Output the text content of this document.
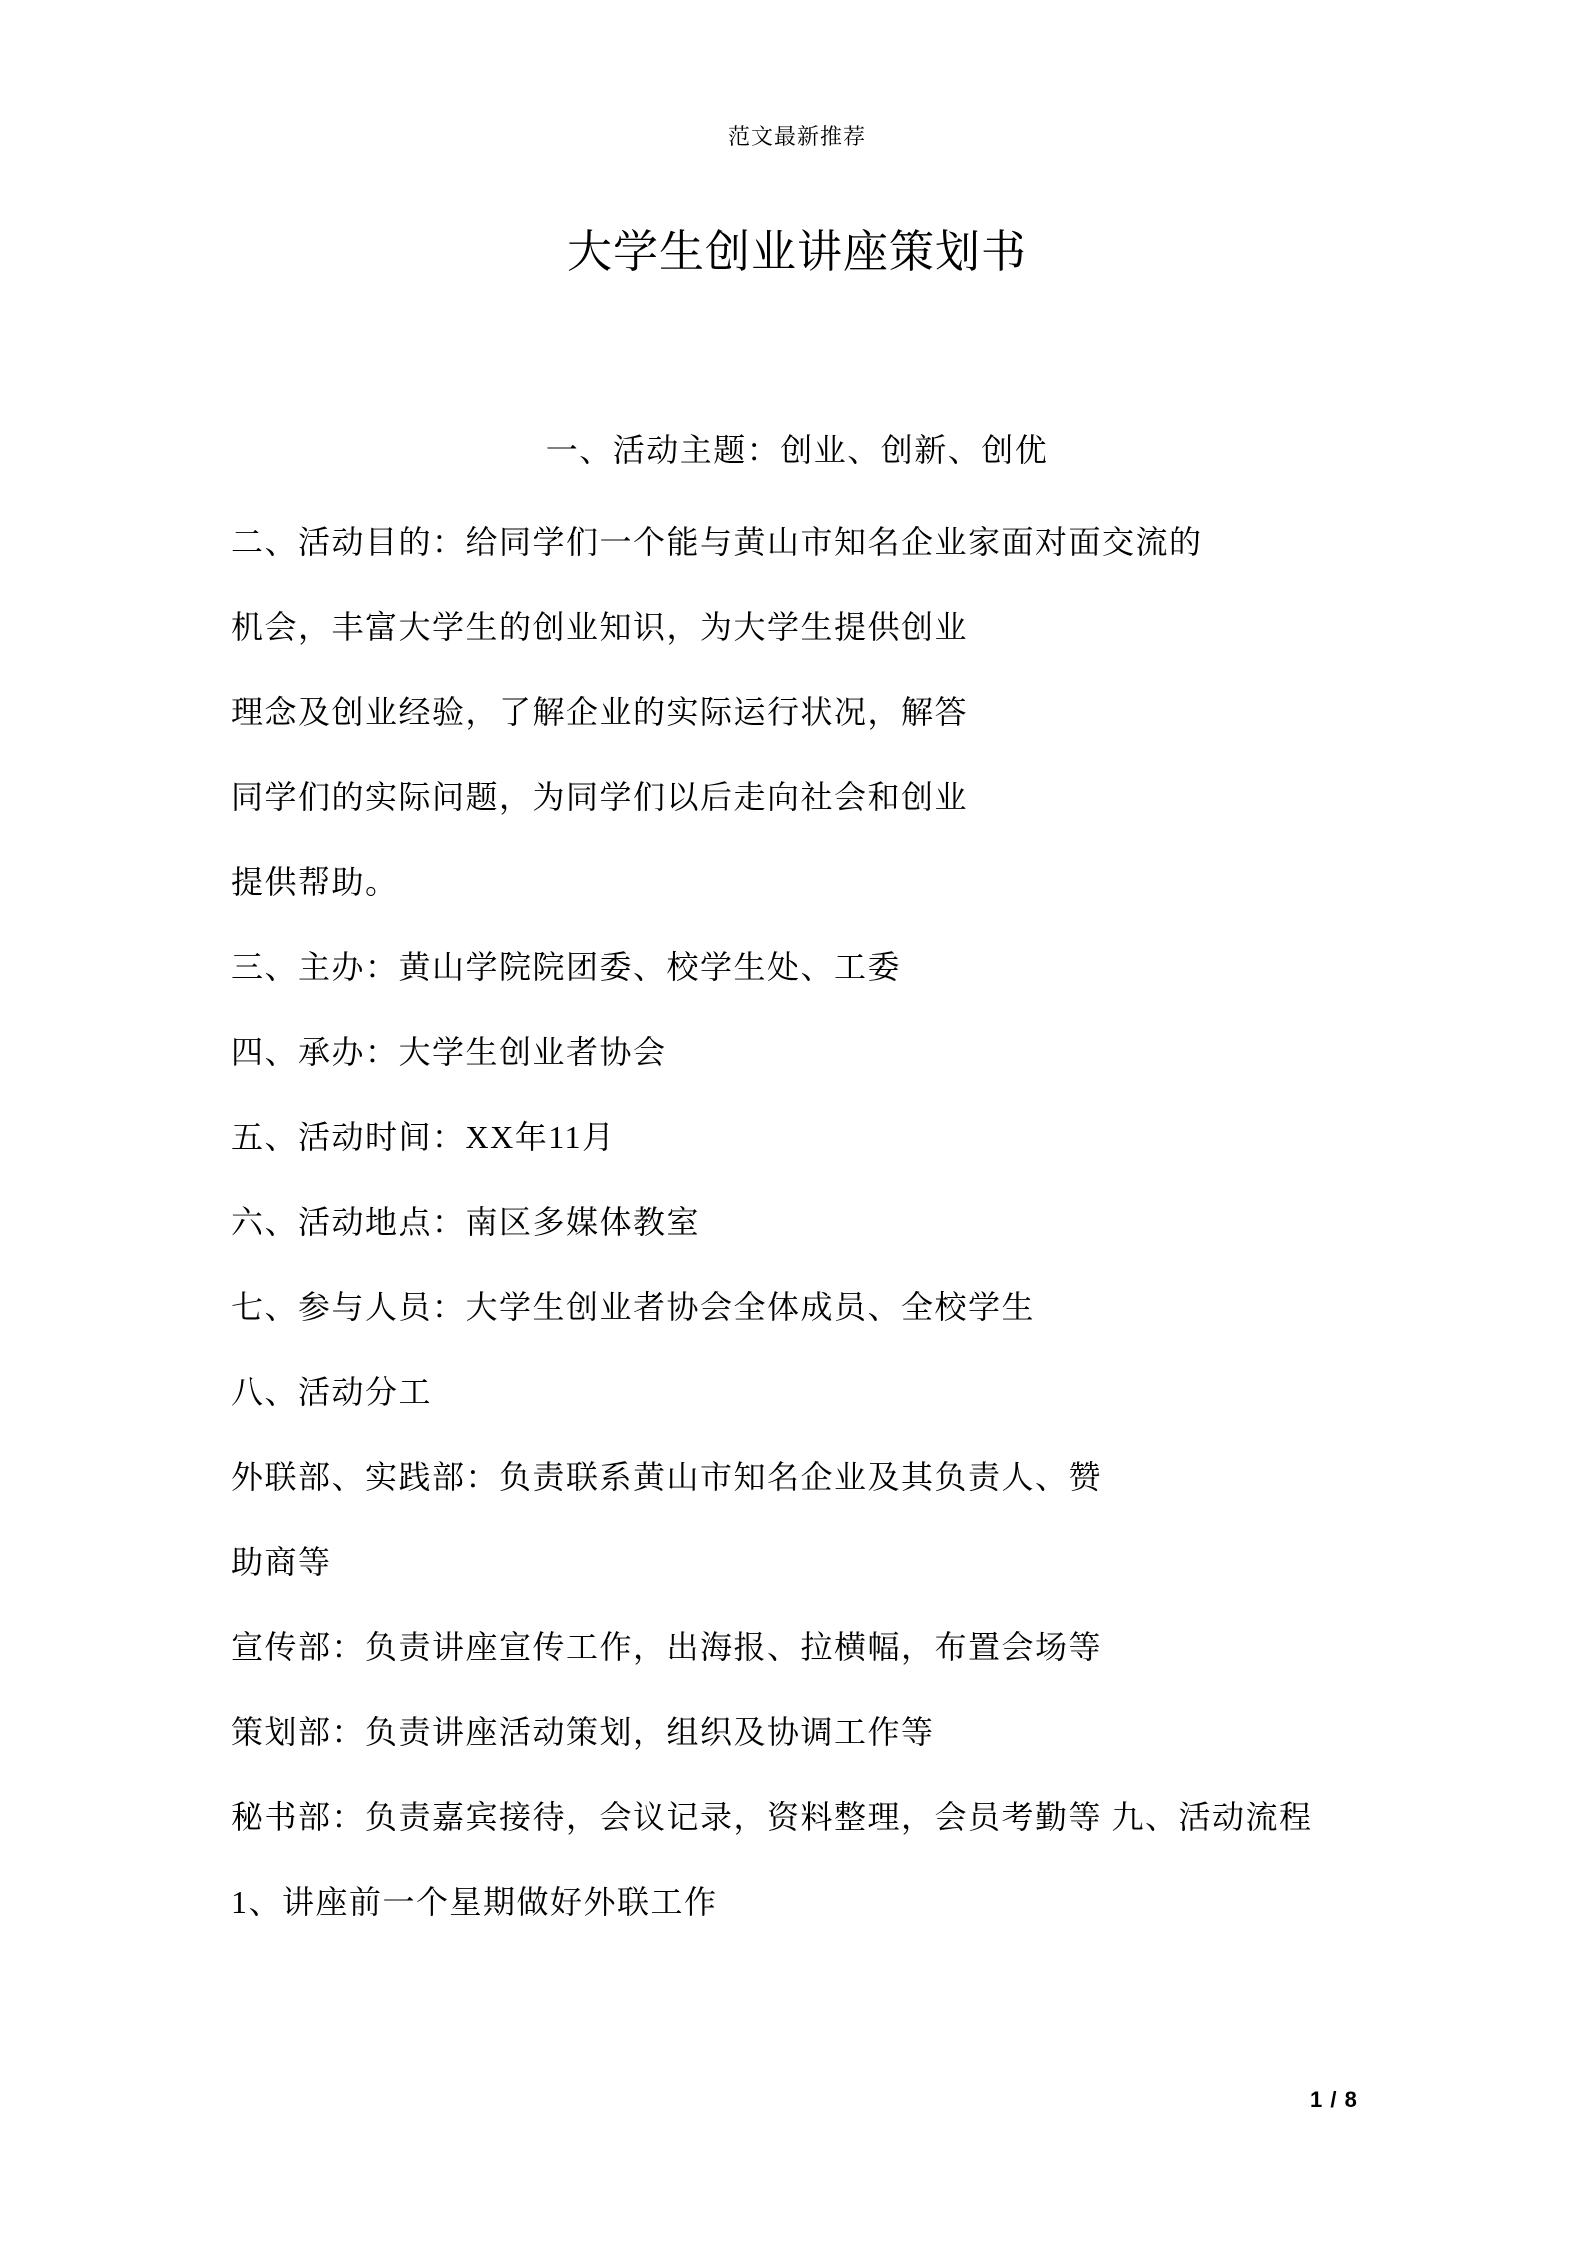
范文最新推荐
大学生创业讲座策划书
一、活动主题：创业、创新、创优
二、活动目的：给同学们一个能与黄山市知名企业家面对面交流的
机会，丰富大学生的创业知识，为大学生提供创业
理念及创业经验，了解企业的实际运行状况，解答
同学们的实际问题，为同学们以后走向社会和创业
提供帮助。
三、主办：黄山学院院团委、校学生处、工委
四、承办：大学生创业者协会
五、活动时间：XX年11月
六、活动地点：南区多媒体教室
七、参与人员：大学生创业者协会全体成员、全校学生
八、活动分工
外联部、实践部：负责联系黄山市知名企业及其负责人、赞
助商等
宣传部：负责讲座宣传工作，出海报、拉横幅，布置会场等
策划部：负责讲座活动策划，组织及协调工作等
秘书部：负责嘉宾接待，会议记录，资料整理，会员考勤等 九、活动流程
1、讲座前一个星期做好外联工作
1 / 8
